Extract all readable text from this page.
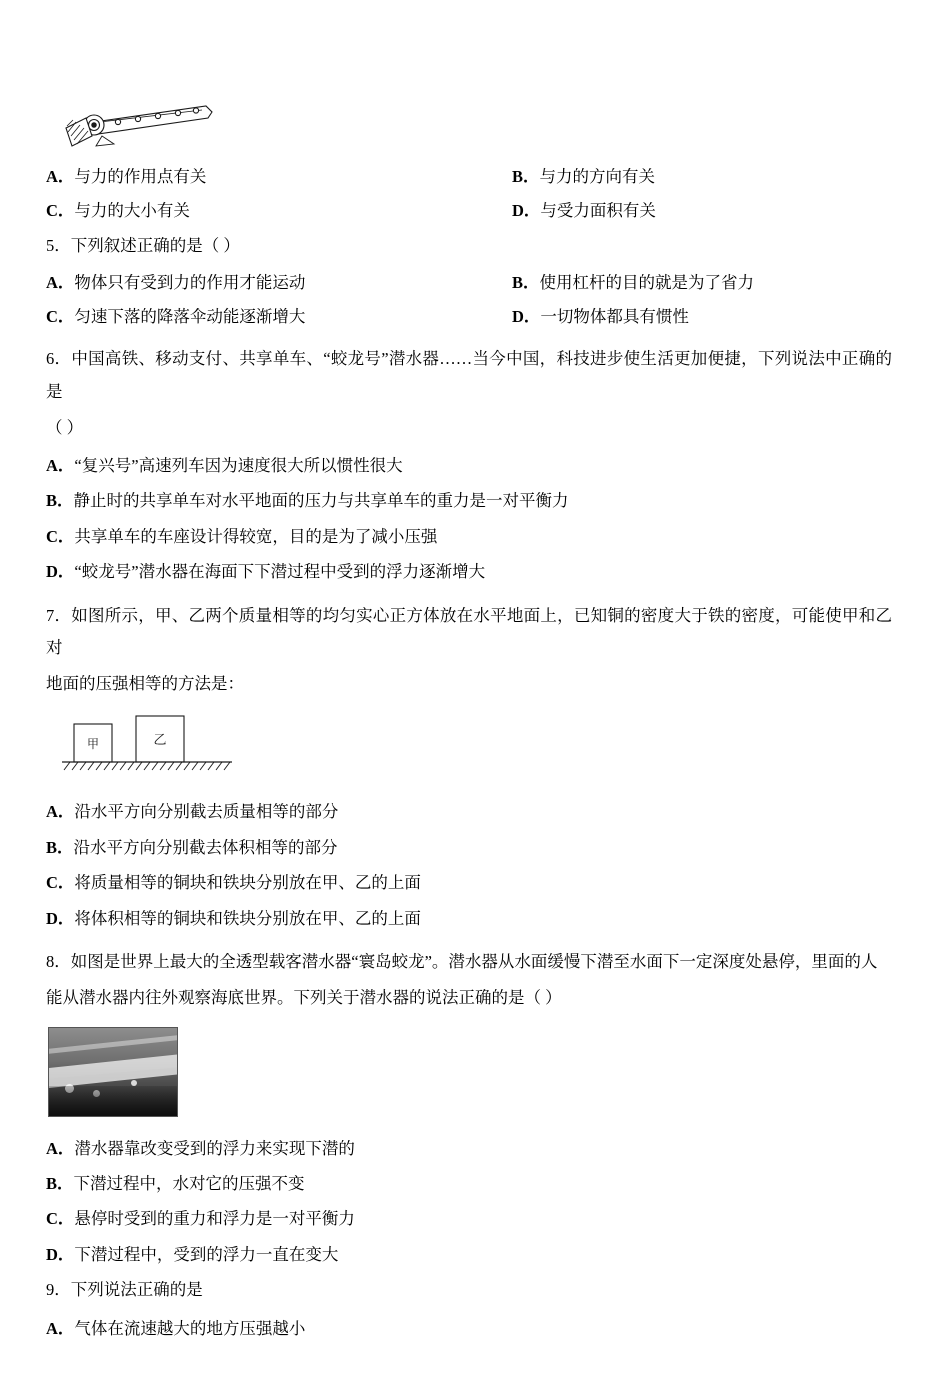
A．与力的作用点有关	B．与力的方向有关

C．与力的大小有关	D．与受力面积有关

5．下列叙述正确的是（ ）

A．物体只有受到力的作用才能运动	B．使用杠杆的目的就是为了省力

C．匀速下落的降落伞动能逐渐增大	D．一切物体都具有惯性

6．中国高铁、移动支付、共享单车、“蛟龙号”潜水器……当今中国，科技进步使生活更加便捷，下列说法中正确的是

（ ）

A．“复兴号”高速列车因为速度很大所以惯性很大

B．静止时的共享单车对水平地面的压力与共享单车的重力是一对平衡力

C．共享单车的车座设计得较宽，目的是为了减小压强

D．“蛟龙号”潜水器在海面下下潜过程中受到的浮力逐渐增大

7．如图所示，甲、乙两个质量相等的均匀实心正方体放在水平地面上，已知铜的密度大于铁的密度，可能使甲和乙对

地面的压强相等的方法是：

甲	乙

A．沿水平方向分别截去质量相等的部分

B．沿水平方向分别截去体积相等的部分

C．将质量相等的铜块和铁块分别放在甲、乙的上面

D．将体积相等的铜块和铁块分别放在甲、乙的上面

8．如图是世界上最大的全透型载客潜水器“寰岛蛟龙”。潜水器从水面缓慢下潜至水面下一定深度处悬停，里面的人

能从潜水器内往外观察海底世界。下列关于潜水器的说法正确的是（ ）

A．潜水器靠改变受到的浮力来实现下潜的

B．下潜过程中，水对它的压强不变

C．悬停时受到的重力和浮力是一对平衡力

D．下潜过程中，受到的浮力一直在变大

9．下列说法正确的是

A．气体在流速越大的地方压强越小
